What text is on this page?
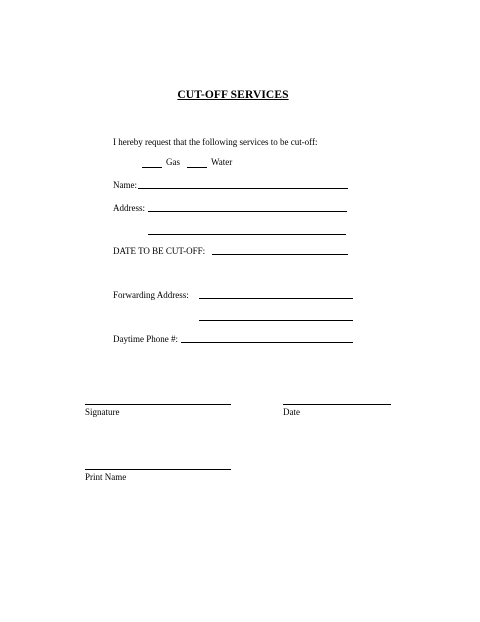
CUT-OFF SERVICES
I hereby request that the following services to be cut-off:
Gas	Water
Name:
Address:
DATE TO BE CUT-OFF:
Forwarding Address:
Daytime Phone #:
Signature	Date
Print Name
